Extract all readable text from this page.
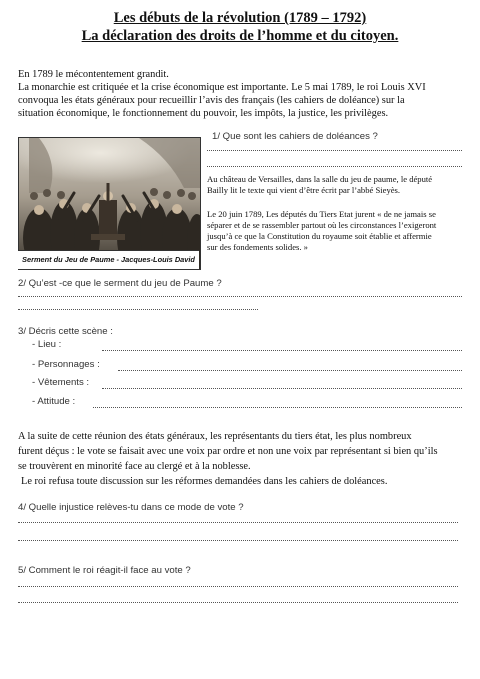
Les débuts de la révolution (1789 – 1792)
La déclaration des droits de l’homme et du citoyen.
En 1789 le mécontentement grandit.
La monarchie est critiquée et la crise économique est importante. Le 5 mai 1789, le roi Louis XVI
convoqua les états généraux pour recueillir l’avis des français (les cahiers de doléance) sur la
situation économique, le fonctionnement du pouvoir, les impôts, la justice, les privilèges.
Serment du Jeu de Paume - Jacques-Louis David
1/ Que sont les cahiers de doléances ?
Au château de Versailles, dans la salle du jeu de paume, le député
Bailly lit le texte qui vient d’être écrit par l’abbé Sieyès.
Le 20 juin 1789, Les députés du Tiers Etat jurent « de ne jamais se
séparer et de se rassembler partout où les circonstances l’exigeront
jusqu’à ce que la Constitution du royaume soit établie et affermie
sur des fondements solides. »
2/ Qu’est -ce que le serment du jeu de Paume ?
3/ Décris cette scène :
- Lieu :
- Personnages :
- Vêtements :
- Attitude :
A la suite de cette réunion des états généraux, les représentants du tiers état, les plus nombreux
furent déçus : le vote se faisait avec une voix par ordre et non une voix par représentant si bien qu’ils
se trouvèrent en minorité face au clergé et à la noblesse.
Le roi refusa toute discussion sur les réformes demandées dans les cahiers de doléances.
4/ Quelle injustice relèves-tu dans ce mode de vote ?
5/ Comment le roi réagit-il face au vote ?
